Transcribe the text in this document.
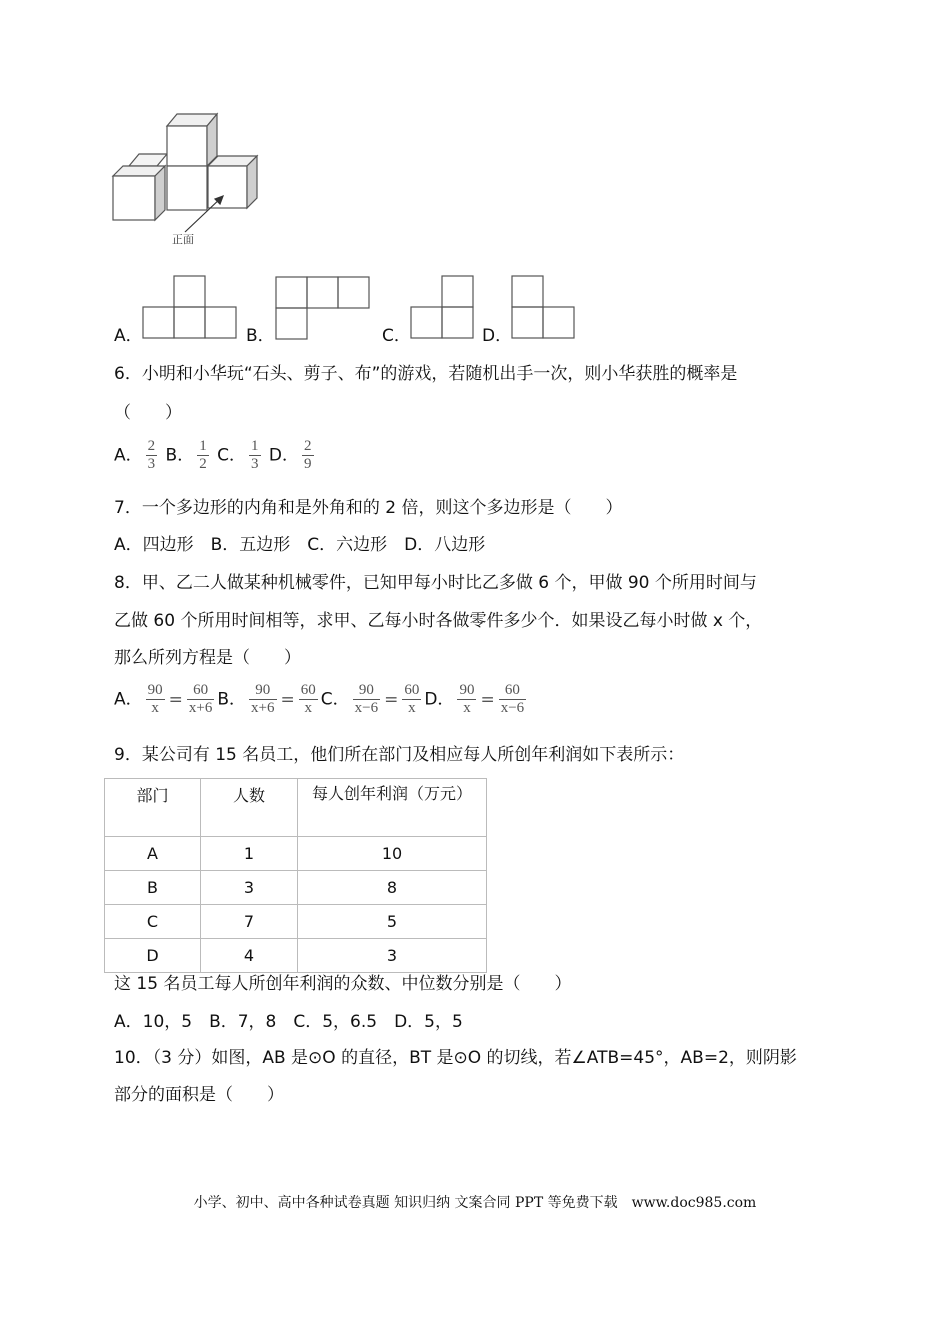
正面
A．	B．	C．	D．
6．小明和小华玩“石头、剪子、布”的游戏，若随机出手一次，则小华获胜的概率是
（　　）
A． $\frac{2}{3}$ B． $\frac{1}{2}$ C． $\frac{1}{3}$ D． $\frac{2}{9}$
7．一个多边形的内角和是外角和的 2 倍，则这个多边形是（　　）
A．四边形　B．五边形　C．六边形　D．八边形
8．甲、乙二人做某种机械零件，已知甲每小时比乙多做 6 个，甲做 90 个所用时间与
乙做 60 个所用时间相等，求甲、乙每小时各做零件多少个．如果设乙每小时做 x 个，
那么所列方程是（　　）
A． $\frac{90}{x} = \frac{60}{x+6}$ B． $\frac{90}{x+6} = \frac{60}{x}$ C． $\frac{90}{x-6} = \frac{60}{x}$ D． $\frac{90}{x} = \frac{60}{x-6}$
9．某公司有 15 名员工，他们所在部门及相应每人所创年利润如下表所示：
部门	人数	每人创年利润（万元）
A	1	10
B	3	8
C	7	5
D	4	3
这 15 名员工每人所创年利润的众数、中位数分别是（　　）
A．10，5　B．7，8　C．5，6.5　D．5，5
10．（3 分）如图，AB 是⊙O 的直径，BT 是⊙O 的切线，若∠ATB=45°，AB=2，则阴影
部分的面积是（　　）
小学、初中、高中各种试卷真题 知识归纳 文案合同 PPT 等免费下载　www.doc985.com
